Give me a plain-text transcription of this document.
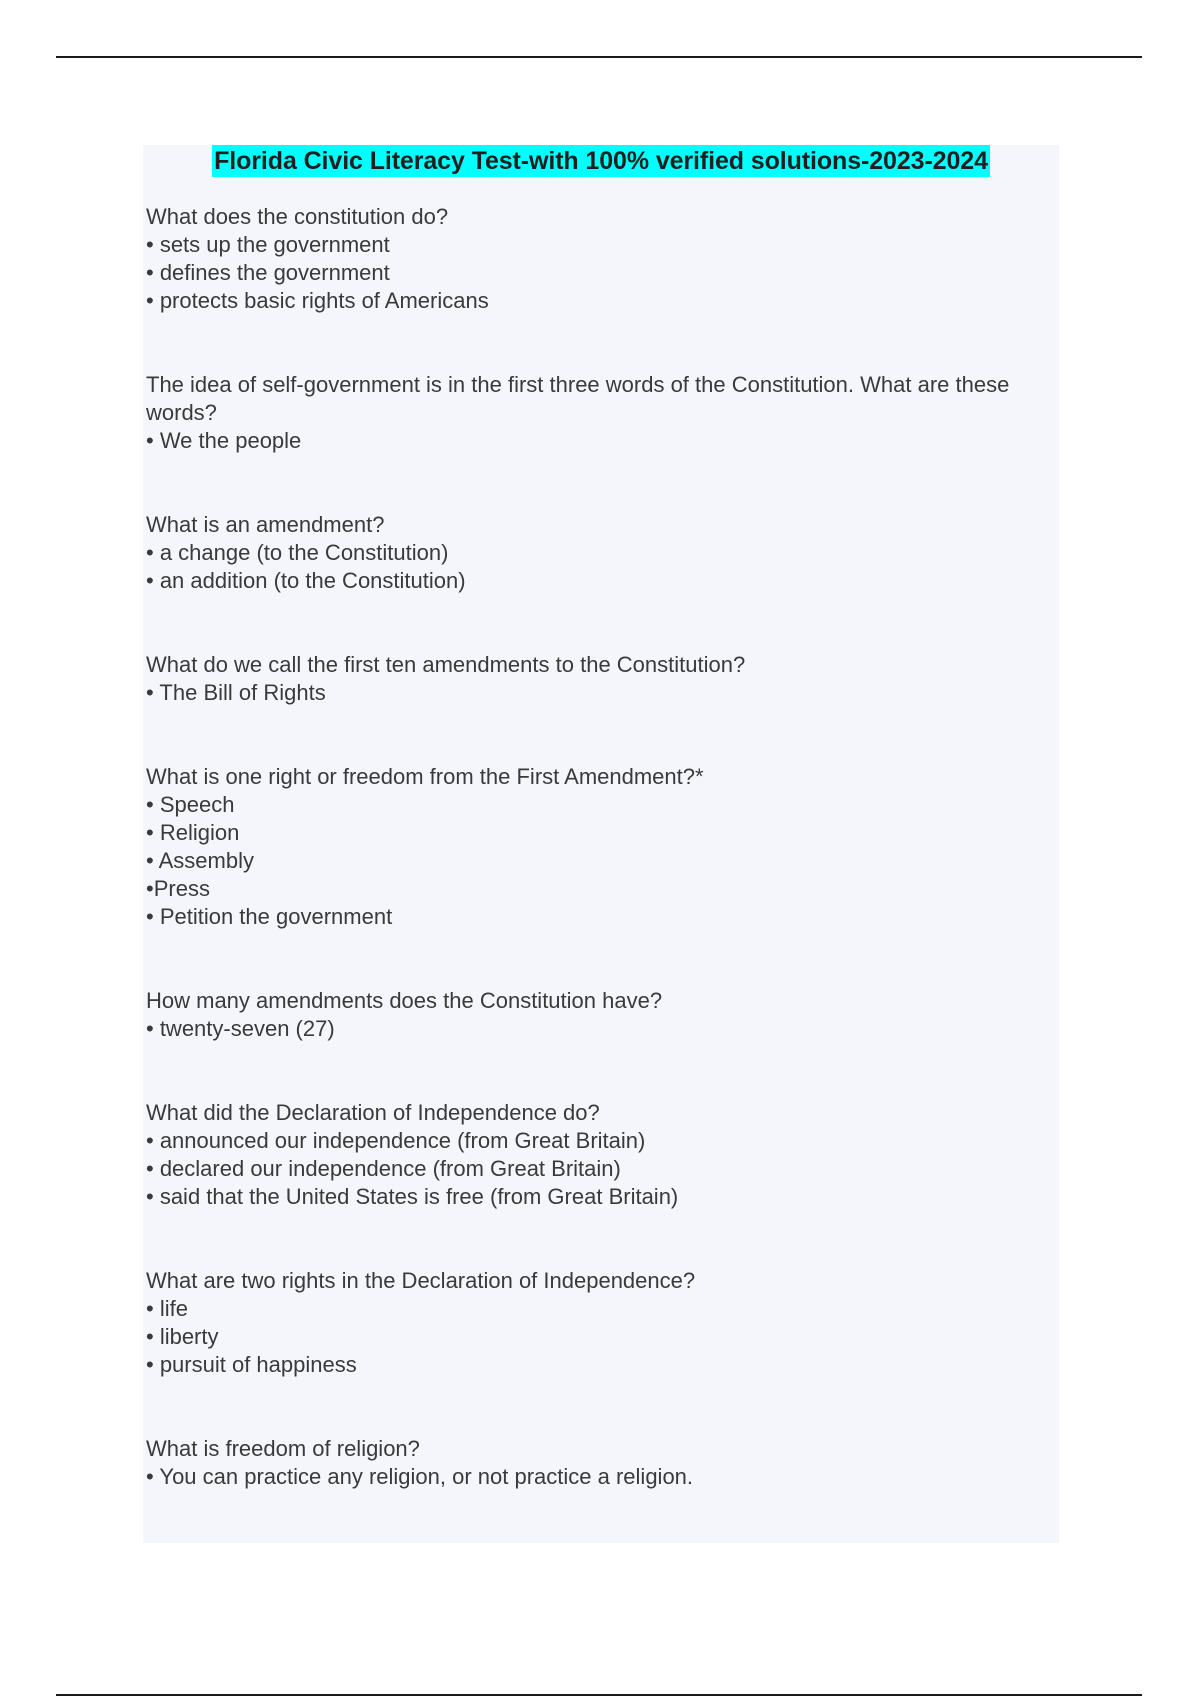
Florida Civic Literacy Test-with 100% verified solutions-2023-2024

What does the constitution do?

• sets up the government
• defines the government
• protects basic rights of Americans

The idea of self-government is in the first three words of the Constitution. What are these words?

• We the people

What is an amendment?

• a change (to the Constitution)
• an addition (to the Constitution)

What do we call the first ten amendments to the Constitution?

• The Bill of Rights

What is one right or freedom from the First Amendment?*

• Speech
• Religion
• Assembly
•Press
• Petition the government

How many amendments does the Constitution have?

• twenty-seven (27)

What did the Declaration of Independence do?

• announced our independence (from Great Britain)
• declared our independence (from Great Britain)
• said that the United States is free (from Great Britain)

What are two rights in the Declaration of Independence?

• life
• liberty
• pursuit of happiness

What is freedom of religion?

• You can practice any religion, or not practice a religion.
